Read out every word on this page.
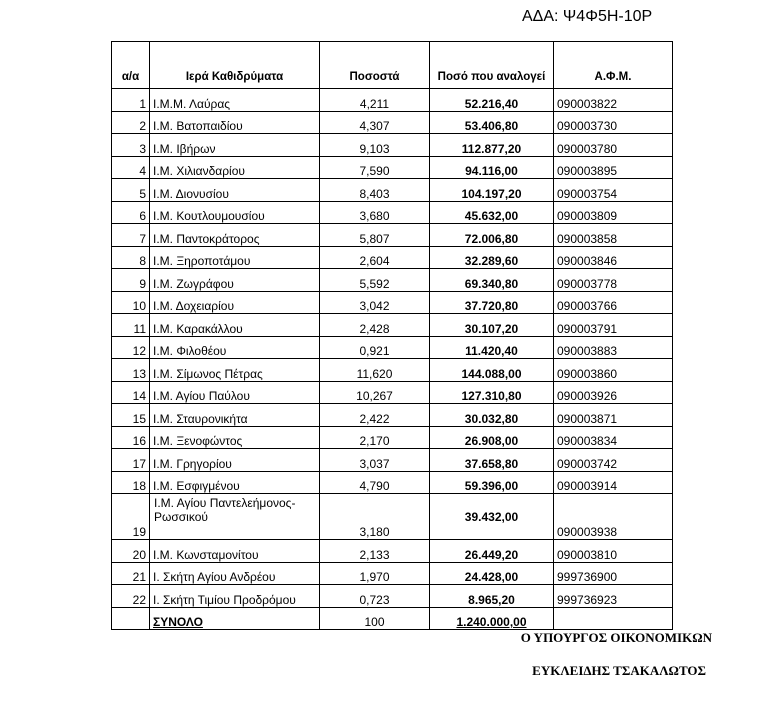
ΑΔΑ: Ψ4Φ5Η-10Ρ
α/α	Ιερά Καθιδρύματα	Ποσοστά	Ποσό που αναλογεί	Α.Φ.Μ.
1	Ι.Μ.Μ. Λαύρας	4,211	52.216,40	090003822
2	Ι.Μ. Βατοπαιδίου	4,307	53.406,80	090003730
3	Ι.Μ. Ιβήρων	9,103	112.877,20	090003780
4	Ι.Μ. Χιλιανδαρίου	7,590	94.116,00	090003895
5	Ι.Μ. Διονυσίου	8,403	104.197,20	090003754
6	Ι.Μ. Κουτλουμουσίου	3,680	45.632,00	090003809
7	Ι.Μ. Παντοκράτορος	5,807	72.006,80	090003858
8	Ι.Μ. Ξηροποτάμου	2,604	32.289,60	090003846
9	Ι.Μ. Ζωγράφου	5,592	69.340,80	090003778
10	Ι.Μ. Δοχειαρίου	3,042	37.720,80	090003766
11	Ι.Μ. Καρακάλλου	2,428	30.107,20	090003791
12	Ι.Μ. Φιλοθέου	0,921	11.420,40	090003883
13	Ι.Μ. Σίμωνος Πέτρας	11,620	144.088,00	090003860
14	Ι.Μ. Αγίου Παύλου	10,267	127.310,80	090003926
15	Ι.Μ. Σταυρονικήτα	2,422	30.032,80	090003871
16	Ι.Μ. Ξενοφώντος	2,170	26.908,00	090003834
17	Ι.Μ. Γρηγορίου	3,037	37.658,80	090003742
18	Ι.Μ. Εσφιγμένου	4,790	59.396,00	090003914
19	Ι.Μ. Αγίου Παντελεήμονος-Ρωσσικού	3,180	39.432,00	090003938
20	Ι.Μ. Κωνσταμονίτου	2,133	26.449,20	090003810
21	Ι. Σκήτη Αγίου Ανδρέου	1,970	24.428,00	999736900
22	Ι. Σκήτη Τιμίου Προδρόμου	0,723	8.965,20	999736923
	ΣΥΝΟΛΟ	100	1.240.000,00	
Ο ΥΠΟΥΡΓΟΣ ΟΙΚΟΝΟΜΙΚΩΝ
ΕΥΚΛΕΙΔΗΣ ΤΣΑΚΑΛΩΤΟΣ
